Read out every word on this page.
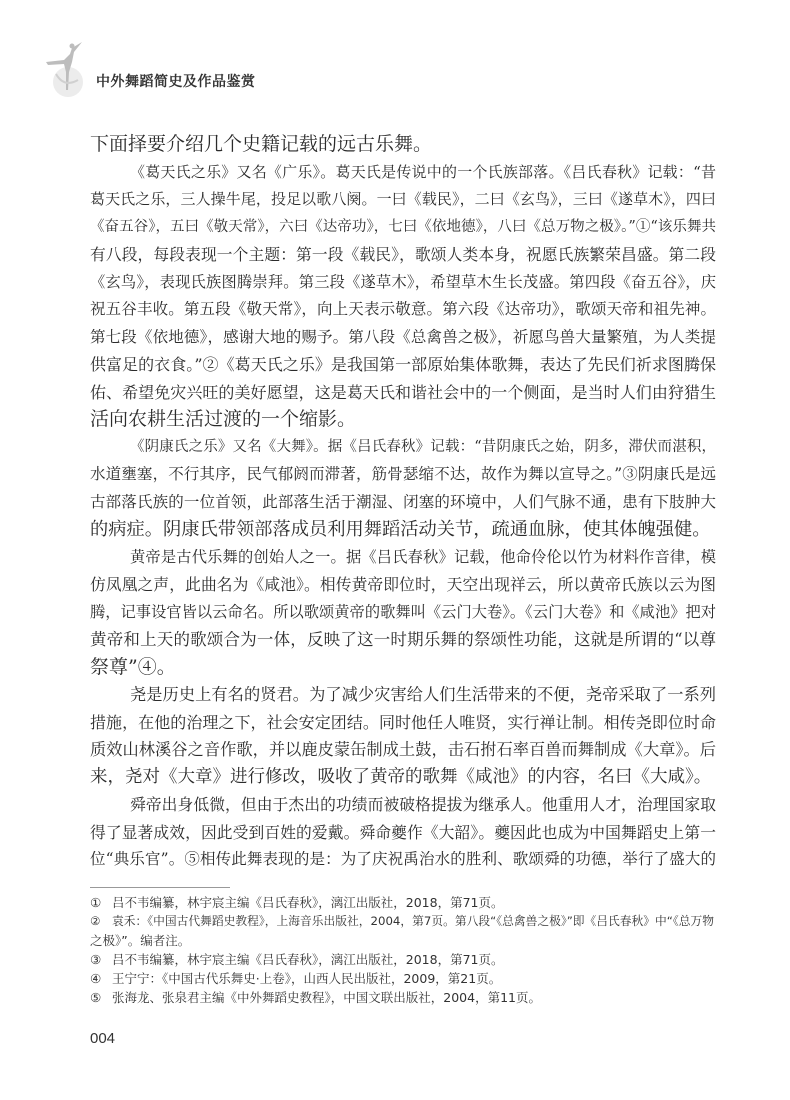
中外舞蹈简史及作品鉴赏
下面择要介绍几个史籍记载的远古乐舞。
《葛天氏之乐》又名《广乐》。葛天氏是传说中的一个氏族部落。《吕氏春秋》记载：“昔
葛天氏之乐，三人操牛尾，投足以歌八阕。一曰《载民》，二曰《玄鸟》，三曰《遂草木》，四曰
《奋五谷》，五曰《敬天常》，六曰《达帝功》，七曰《依地德》，八曰《总万物之极》。”①“该乐舞共
有八段，每段表现一个主题：第一段《载民》，歌颂人类本身，祝愿氏族繁荣昌盛。第二段
《玄鸟》，表现氏族图腾崇拜。第三段《遂草木》，希望草木生长茂盛。第四段《奋五谷》，庆
祝五谷丰收。第五段《敬天常》，向上天表示敬意。第六段《达帝功》，歌颂天帝和祖先神。
第七段《依地德》，感谢大地的赐予。第八段《总禽兽之极》，祈愿鸟兽大量繁殖，为人类提
供富足的衣食。”②《葛天氏之乐》是我国第一部原始集体歌舞，表达了先民们祈求图腾保
佑、希望免灾兴旺的美好愿望，这是葛天氏和谐社会中的一个侧面，是当时人们由狩猎生
活向农耕生活过渡的一个缩影。
《阴康氏之乐》又名《大舞》。据《吕氏春秋》记载：“昔阴康氏之始，阴多，滞伏而湛积，
水道壅塞，不行其序，民气郁阏而滞著，筋骨瑟缩不达，故作为舞以宣导之。”③阴康氏是远
古部落氏族的一位首领，此部落生活于潮湿、闭塞的环境中，人们气脉不通，患有下肢肿大
的病症。阴康氏带领部落成员利用舞蹈活动关节，疏通血脉，使其体魄强健。
黄帝是古代乐舞的创始人之一。据《吕氏春秋》记载，他命伶伦以竹为材料作音律，模
仿凤凰之声，此曲名为《咸池》。相传黄帝即位时，天空出现祥云，所以黄帝氏族以云为图
腾，记事设官皆以云命名。所以歌颂黄帝的歌舞叫《云门大卷》。《云门大卷》和《咸池》把对
黄帝和上天的歌颂合为一体，反映了这一时期乐舞的祭颂性功能，这就是所谓的“以尊
祭尊”④。
尧是历史上有名的贤君。为了减少灾害给人们生活带来的不便，尧帝采取了一系列
措施，在他的治理之下，社会安定团结。同时他任人唯贤，实行禅让制。相传尧即位时命
质效山林溪谷之音作歌，并以鹿皮蒙缶制成土鼓，击石拊石率百兽而舞制成《大章》。后
来，尧对《大章》进行修改，吸收了黄帝的歌舞《咸池》的内容，名曰《大咸》。
舜帝出身低微，但由于杰出的功绩而被破格提拔为继承人。他重用人才，治理国家取
得了显著成效，因此受到百姓的爱戴。舜命夔作《大韶》。夔因此也成为中国舞蹈史上第一
位“典乐官”。⑤相传此舞表现的是：为了庆祝禹治水的胜利、歌颂舜的功德，举行了盛大的
① 吕不韦编纂，林宇宸主编《吕氏春秋》，漓江出版社，2018，第71页。
② 袁禾：《中国古代舞蹈史教程》，上海音乐出版社，2004，第7页。第八段“《总禽兽之极》”即《吕氏春秋》中“《总万物
之极》”。编者注。
③ 吕不韦编纂，林宇宸主编《吕氏春秋》，漓江出版社，2018，第71页。
④ 王宁宁：《中国古代乐舞史·上卷》，山西人民出版社，2009，第21页。
⑤ 张海龙、张泉君主编《中外舞蹈史教程》，中国文联出版社，2004，第11页。
004
